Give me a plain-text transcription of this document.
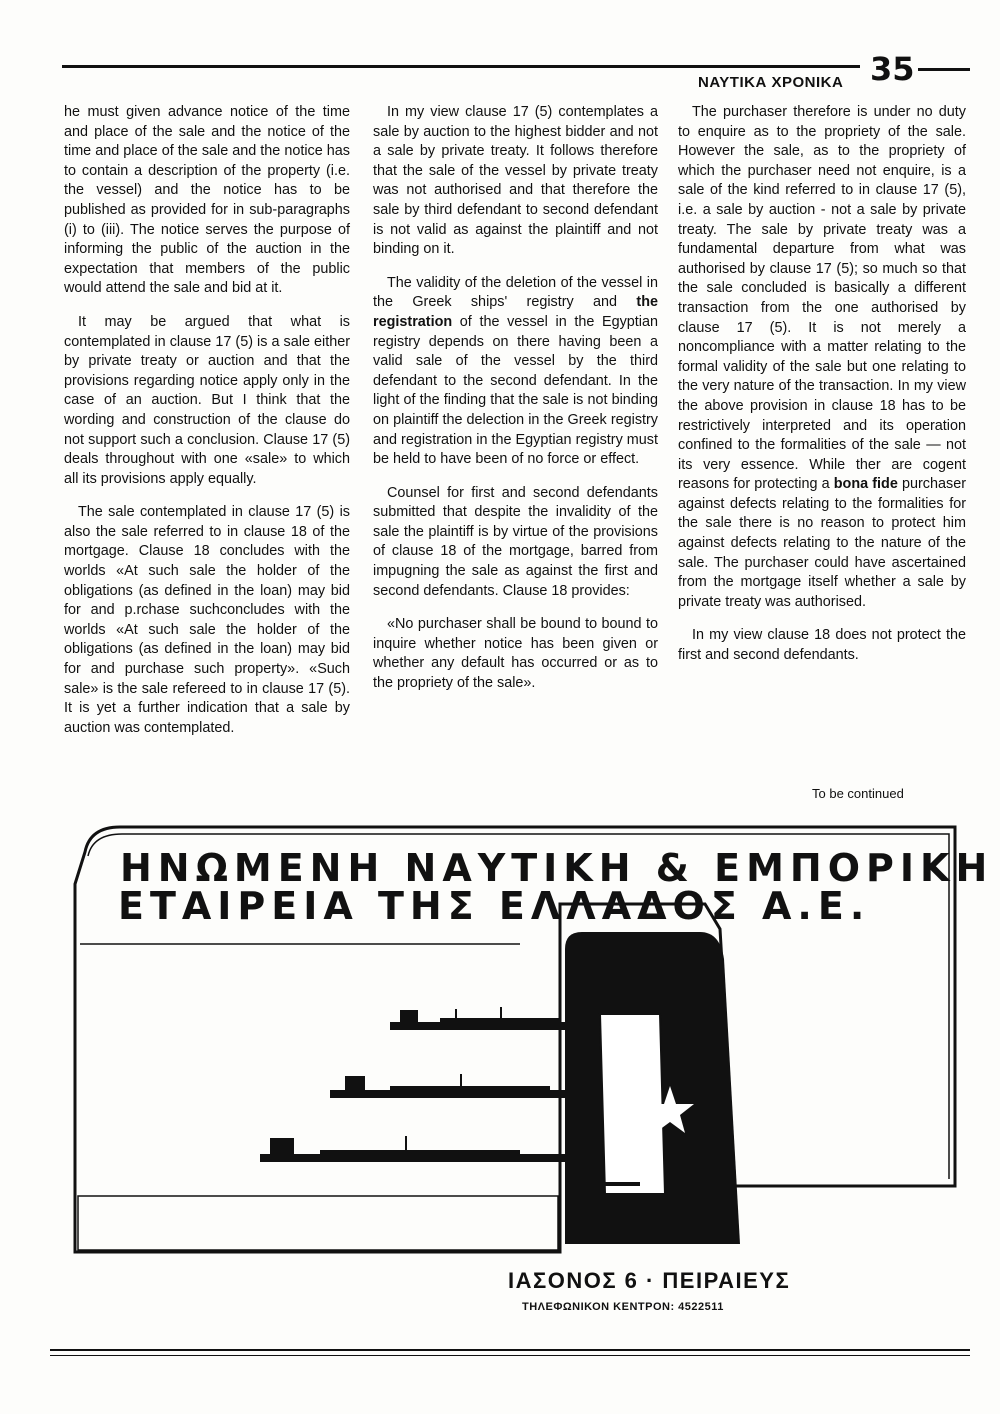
ΝΑΥΤΙΚΑ ΧΡΟΝΙΚΑ 35

he must given advance notice of the time and place of the sale and the notice of the time and place of the sale and the notice has to contain a description of the property (i.e. the vessel) and the notice has to be published as provided for in sub-paragraphs (i) to (iii). The notice serves the purpose of informing the public of the auction in the expectation that members of the public would attend the sale and bid at it.

It may be argued that what is contemplated in clause 17 (5) is a sale either by private treaty or auction and that the provisions regarding notice apply only in the case of an auction. But I think that the wording and construction of the clause do not support such a conclusion. Clause 17 (5) deals throughout with one «sale» to which all its provisions apply equally.

The sale contemplated in clause 17 (5) is also the sale referred to in clause 18 of the mortgage. Clause 18 concludes with the worlds «At such sale the holder of the obligations (as defined in the loan) may bid for and p.rchase suchconcludes with the worlds «At such sale the holder of the obligations (as defined in the loan) may bid for and purchase such property». «Such sale» is the sale refereed to in clause 17 (5). It is yet a further indication that a sale by auction was contemplated.

In my view clause 17 (5) contemplates a sale by auction to the highest bidder and not a sale by private treaty. It follows therefore that the sale of the vessel by private treaty was not authorised and that therefore the sale by third defendant to second defendant is not valid as against the plaintiff and not binding on it.

The validity of the deletion of the vessel in the Greek ships' registry and the registration of the vessel in the Egyptian registry depends on there having been a valid sale of the vessel by the third defendant to the second defendant. In the light of the finding that the sale is not binding on plaintiff the delection in the Greek registry and registration in the Egyptian registry must be held to have been of no force or effect.

Counsel for first and second defendants submitted that despite the invalidity of the sale the plaintiff is by virtue of the provisions of clause 18 of the mortgage, barred from impugning the sale as against the first and second defendants. Clause 18 provides:

«No purchaser shall be bound to bound to inquire whether notice has been given or whether any default has occurred or as to the propriety of the sale».

The purchaser therefore is under no duty to enquire as to the propriety of the sale. However the sale, as to the propriety of which the purchaser need not enquire, is a sale of the kind referred to in clause 17 (5), i.e. a sale by auction - not a sale by private treaty. The sale by private treaty was a fundamental departure from what was authorised by clause 17 (5); so much so that the sale concluded is basically a different transaction from the one authorised by clause 17 (5). It is not merely a noncompliance with a matter relating to the formal validity of the sale but one relating to the very nature of the transaction. In my view the above provision in clause 18 has to be restrictively interpreted and its operation confined to the formalities of the sale — not its very essence. While ther are cogent reasons for protecting a bona fide purchaser against defects relating to the formalities for the sale there is no reason to protect him against defects relating to the nature of the sale. The purchaser could have ascertained from the mortgage itself whether a sale by private treaty was authorised.

In my view clause 18 does not protect the first and second defendants.

To be continued
ΗΝΩΜΕΝΗ ΝΑΥΤΙΚΗ & ΕΜΠΟΡΙΚΗ
ΕΤΑΙΡΕΙΑ ΤΗΣ ΕΛΛΑΔΟΣ Α.Ε.
ΙΑΣΟΝΟΣ 6 · ΠΕΙΡΑΙΕΥΣ
ΤΗΛΕΦΩΝΙΚΟΝ ΚΕΝΤΡΟΝ: 4522511
